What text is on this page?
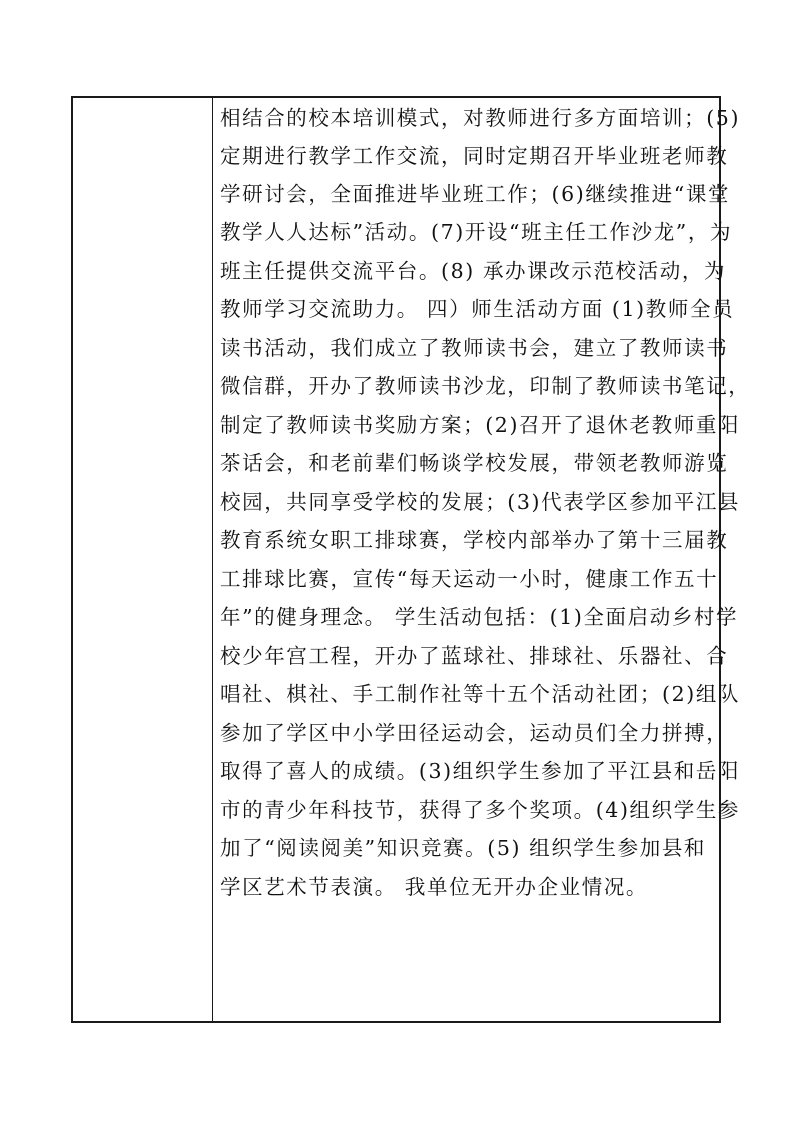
相结合的校本培训模式，对教师进行多方面培训；(5)
定期进行教学工作交流，同时定期召开毕业班老师教
学研讨会，全面推进毕业班工作；(6)继续推进“课堂
教学人人达标”活动。(7)开设“班主任工作沙龙”，为
班主任提供交流平台。(8) 承办课改示范校活动，为
教师学习交流助力。 四）师生活动方面 (1)教师全员
读书活动，我们成立了教师读书会，建立了教师读书
微信群，开办了教师读书沙龙，印制了教师读书笔记，
制定了教师读书奖励方案；(2)召开了退休老教师重阳
茶话会，和老前辈们畅谈学校发展，带领老教师游览
校园，共同享受学校的发展；(3)代表学区参加平江县
教育系统女职工排球赛，学校内部举办了第十三届教
工排球比赛，宣传“每天运动一小时，健康工作五十
年”的健身理念。 学生活动包括：(1)全面启动乡村学
校少年宫工程，开办了蓝球社、排球社、乐器社、合
唱社、棋社、手工制作社等十五个活动社团；(2)组队
参加了学区中小学田径运动会，运动员们全力拼搏，
取得了喜人的成绩。(3)组织学生参加了平江县和岳阳
市的青少年科技节，获得了多个奖项。(4)组织学生参
加了“阅读阅美”知识竞赛。(5) 组织学生参加县和
学区艺术节表演。 我单位无开办企业情况。
